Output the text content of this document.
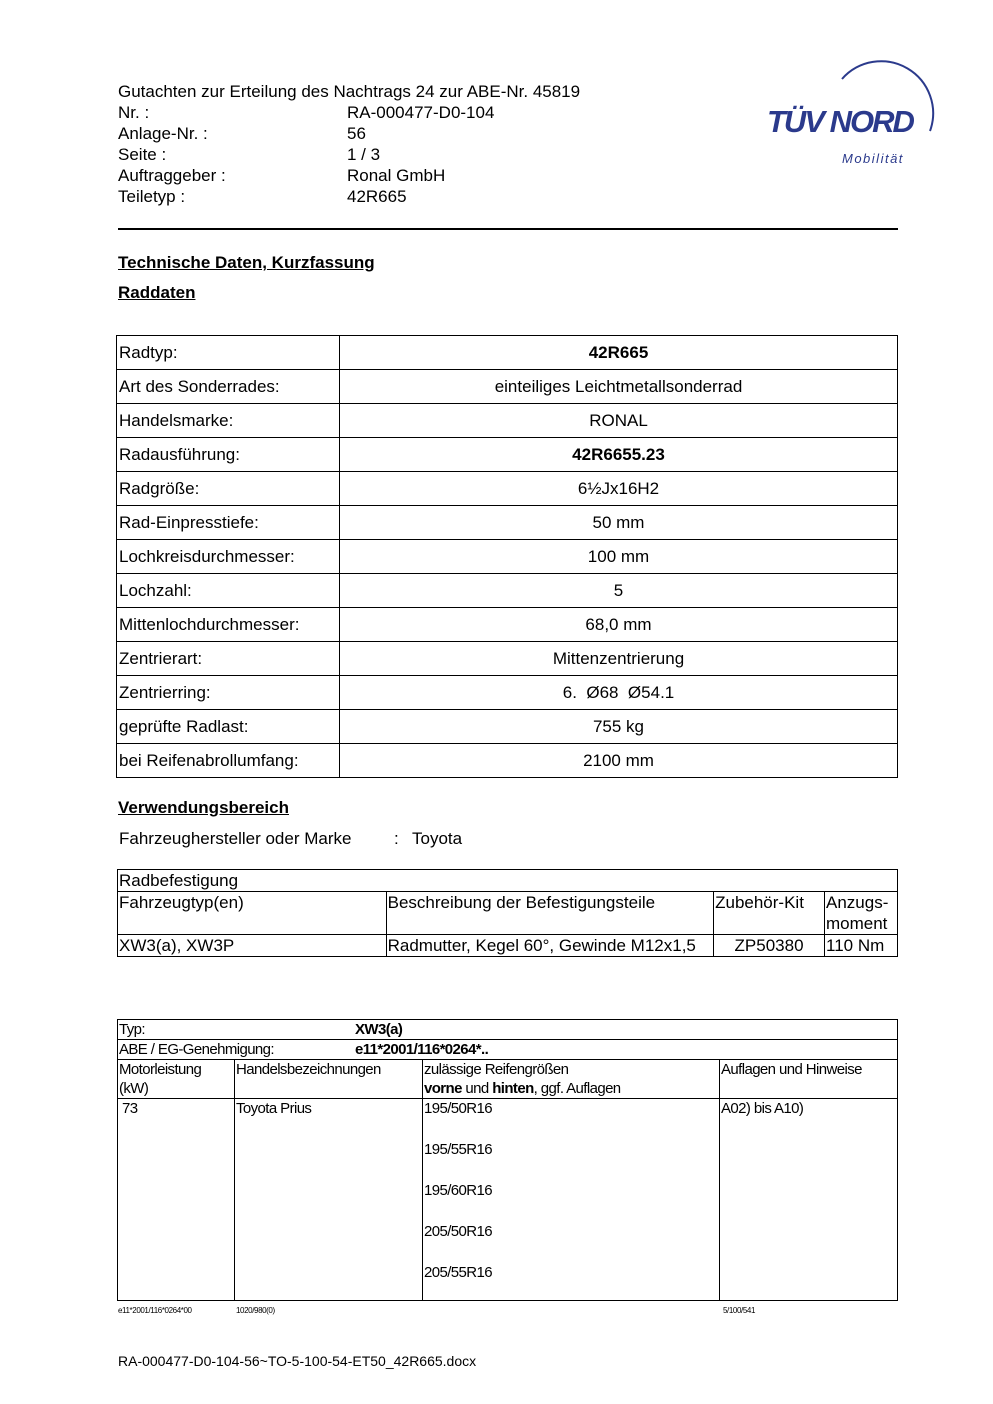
Gutachten zur Erteilung des Nachtrags 24 zur ABE-Nr. 45819
Nr. :	RA-000477-D0-104
Anlage-Nr. :	56
Seite :	1 / 3
Auftraggeber :	Ronal GmbH
Teiletyp :	42R665
TÜV NORD
Mobilität
Technische Daten, Kurzfassung
Raddaten
Radtyp:	42R665
Art des Sonderrades:	einteiliges Leichtmetallsonderrad
Handelsmarke:	RONAL
Radausführung:	42R6655.23
Radgröße:	6½Jx16H2
Rad-Einpresstiefe:	50 mm
Lochkreisdurchmesser:	100 mm
Lochzahl:	5
Mittenlochdurchmesser:	68,0 mm
Zentrierart:	Mittenzentrierung
Zentrierring:	6.  Ø68  Ø54.1
geprüfte Radlast:	755 kg
bei Reifenabrollumfang:	2100 mm
Verwendungsbereich
Fahrzeughersteller oder Marke	: Toyota
Radbefestigung			
Fahrzeugtyp(en)	Beschreibung der Befestigungsteile	Zubehör-Kit	Anzugs-
moment
XW3(a), XW3P	Radmutter, Kegel 60°, Gewinde M12x1,5	ZP50380	110 Nm
Typ: XW3(a)			

ABE / EG-Genehmigung: e11*2001/116*0264*..			

Motorleistung (kW)	Handelsbezeichnungen	zulässige Reifengrößen
vorne und hinten, ggf. Auflagen	Auflagen und Hinweise
73	Toyota Prius	195/50R16
195/55R16
195/60R16
205/50R16
205/55R16	A02) bis A10)
e11*2001/116*0264*00	1020/980(0)	5/100/541
RA-000477-D0-104-56~TO-5-100-54-ET50_42R665.docx
